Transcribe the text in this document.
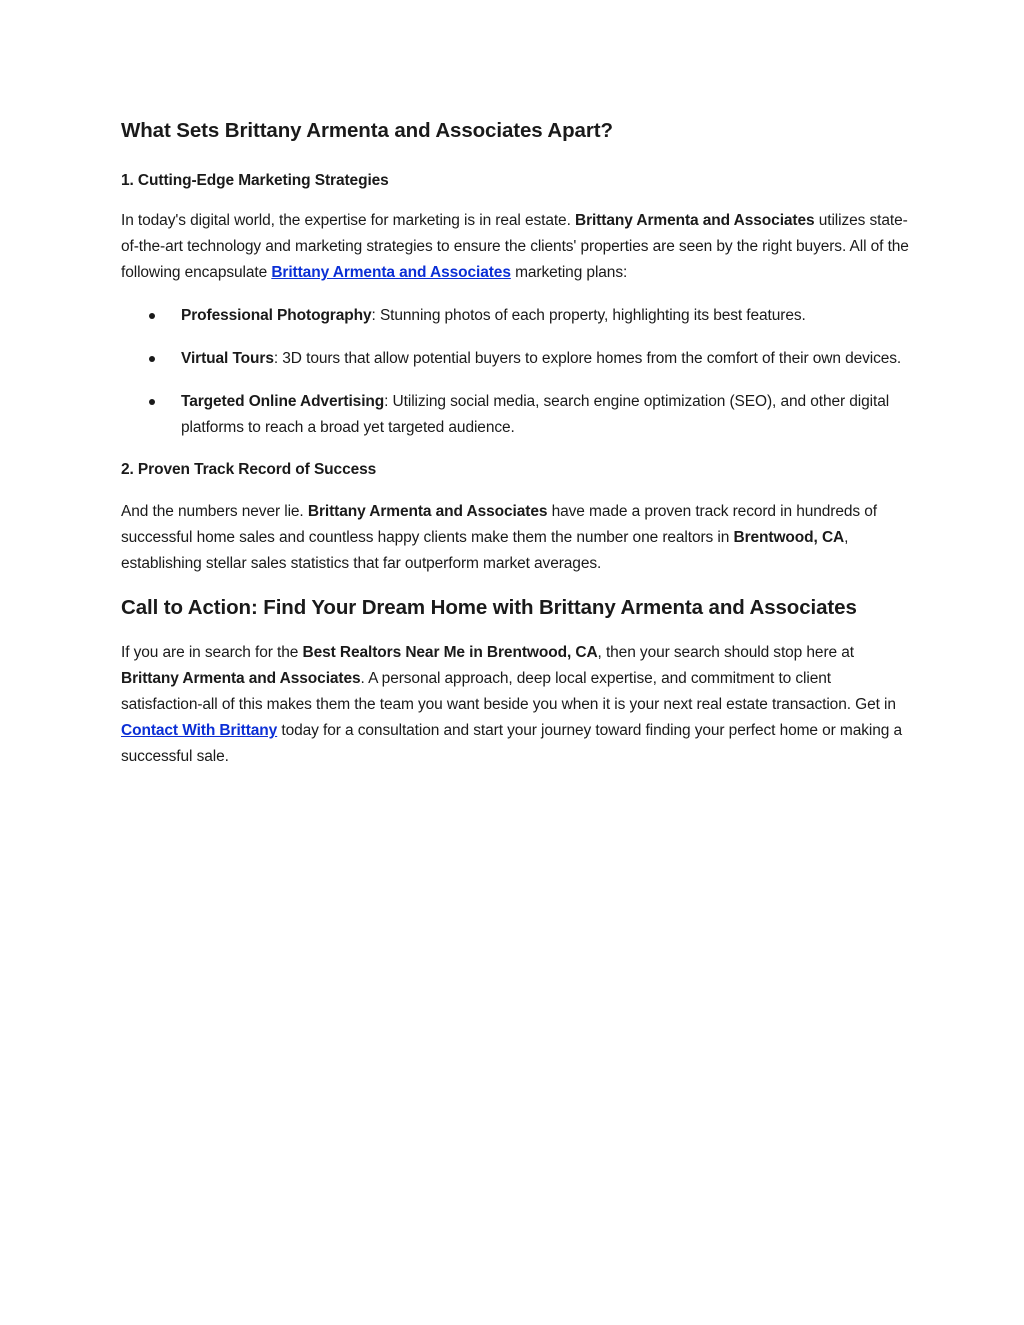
What Sets Brittany Armenta and Associates Apart?
1. Cutting-Edge Marketing Strategies

In today's digital world, the expertise for marketing is in real estate. Brittany Armenta and Associates utilizes state-of-the-art technology and marketing strategies to ensure the clients' properties are seen by the right buyers. All of the following encapsulate Brittany Armenta and Associates marketing plans:

Professional Photography: Stunning photos of each property, highlighting its best features.
Virtual Tours: 3D tours that allow potential buyers to explore homes from the comfort of their own devices.
Targeted Online Advertising: Utilizing social media, search engine optimization (SEO), and other digital platforms to reach a broad yet targeted audience.
2. Proven Track Record of Success

And the numbers never lie. Brittany Armenta and Associates have made a proven track record in hundreds of successful home sales and countless happy clients make them the number one realtors in Brentwood, CA, establishing stellar sales statistics that far outperform market averages.

Call to Action: Find Your Dream Home with Brittany Armenta and Associates

If you are in search for the Best Realtors Near Me in Brentwood, CA, then your search should stop here at Brittany Armenta and Associates. A personal approach, deep local expertise, and commitment to client satisfaction-all of this makes them the team you want beside you when it is your next real estate transaction. Get in Contact With Brittany today for a consultation and start your journey toward finding your perfect home or making a successful sale.
